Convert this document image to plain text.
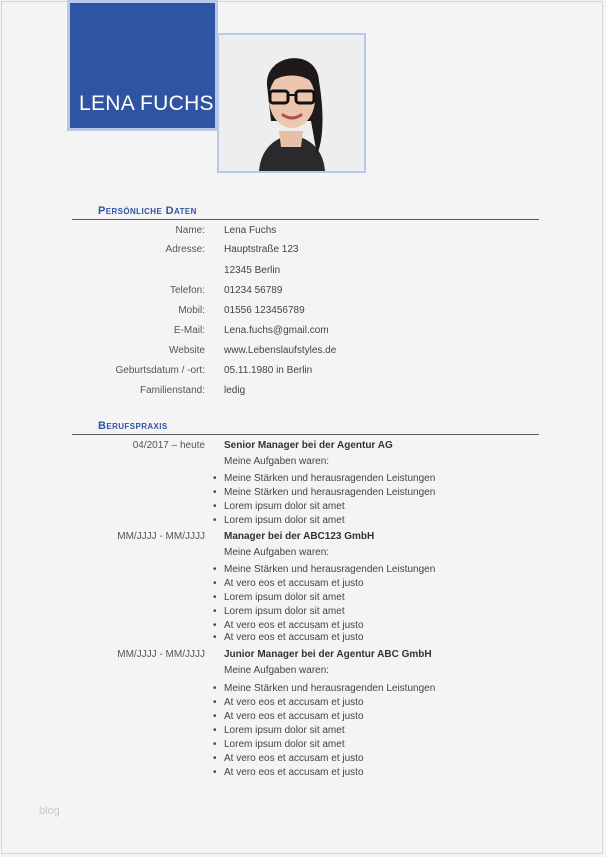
LENA FUCHS
Persönliche Daten
Name: Lena Fuchs
Adresse: Hauptstraße 123
12345 Berlin
Telefon: 01234 56789
Mobil: 01556 123456789
E-Mail: Lena.fuchs@gmail.com
Website www.Lebenslaufstyles.de
Geburtsdatum / -ort: 05.11.1980 in Berlin
Familienstand: ledig
Berufspraxis
04/2017 – heute Senior Manager bei der Agentur AG
Meine Aufgaben waren:
• Meine Stärken und herausragenden Leistungen
• Meine Stärken und herausragenden Leistungen
• Lorem ipsum dolor sit amet
• Lorem ipsum dolor sit amet
MM/JJJJ - MM/JJJJ Manager bei der ABC123 GmbH
Meine Aufgaben waren:
• Meine Stärken und herausragenden Leistungen
• At vero eos et accusam et justo
• Lorem ipsum dolor sit amet
• Lorem ipsum dolor sit amet
• At vero eos et accusam et justo
• At vero eos et accusam et justo
MM/JJJJ - MM/JJJJ Junior Manager bei der Agentur ABC GmbH
Meine Aufgaben waren:
• Meine Stärken und herausragenden Leistungen
• At vero eos et accusam et justo
• At vero eos et accusam et justo
• Lorem ipsum dolor sit amet
• Lorem ipsum dolor sit amet
• At vero eos et accusam et justo
• At vero eos et accusam et justo
blog
